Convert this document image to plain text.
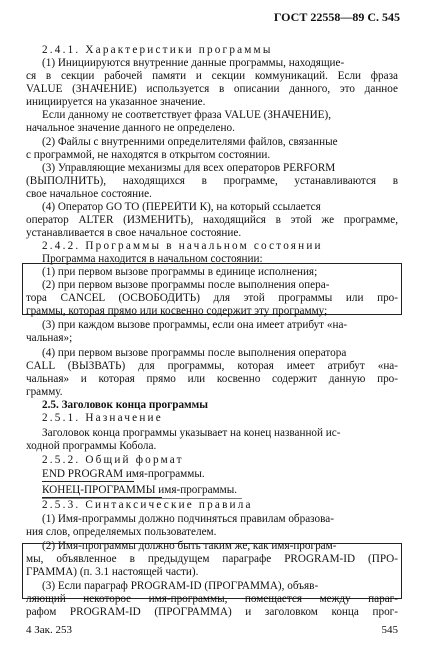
ГОСТ 22558—89 С. 545
2.4.1. Характеристики программы
(1) Инициируются внутренние данные программы, находящие-
ся в секции рабочей памяти и секции коммуникаций. Если фраза
VALUE (ЗНАЧЕНИЕ) используется в описании данного, это данное
инициируется на указанное значение.
Если данному не соответствует фраза VALUE (ЗНАЧЕНИЕ),
начальное значение данного не определено.
(2) Файлы с внутренними определителями файлов, связанные
с программой, не находятся в открытом состоянии.
(3) Управляющие механизмы для всех операторов PERFORM
(ВЫПОЛНИТЬ), находящихся в программе, устанавливаются в
свое начальное состояние.
(4) Оператор GO TO (ПЕРЕЙТИ К), на который ссылается
оператор ALTER (ИЗМЕНИТЬ), находящийся в этой же программе,
устанавливается в свое начальное состояние.
2.4.2. Программы в начальном состоянии
Программа находится в начальном состоянии:
(1) при первом вызове программы в единице исполнения;
(2) при первом вызове программы после выполнения опера-
тора CANCEL (ОСВОБОДИТЬ) для этой программы или про-
граммы, которая прямо или косвенно содержит эту программу;
(3) при каждом вызове программы, если она имеет атрибут «на-
чальная»;
(4) при первом вызове программы после выполнения оператора
CALL (ВЫЗВАТЬ) для программы, которая имеет атрибут «на-
чальная» и которая прямо или косвенно содержит данную про-
грамму.
2.5. Заголовок конца программы
2.5.1. Назначение
Заголовок конца программы указывает на конец названной ис-
ходной программы Кобола.
2.5.2. Общий формат
END PROGRAM имя-программы.
КОНЕЦ-ПРОГРАММЫ имя-программы.
2.5.3. Синтаксические правила
(1) Имя-программы должно подчиняться правилам образова-
ния слов, определяемых пользователем.
(2) Имя-программы должно быть таким же, как имя-програм-
мы, объявленное в предыдущем параграфе PROGRAM-ID (ПРО-
ГРАММА) (п. 3.1 настоящей части).
(3) Если параграф PROGRAM-ID (ПРОГРАММА), объяв-
ляющий некоторое имя-программы, помещается между параг-
рафом PROGRAM-ID (ПРОГРАММА) и заголовком конца прог-
4 Зак. 253	545
